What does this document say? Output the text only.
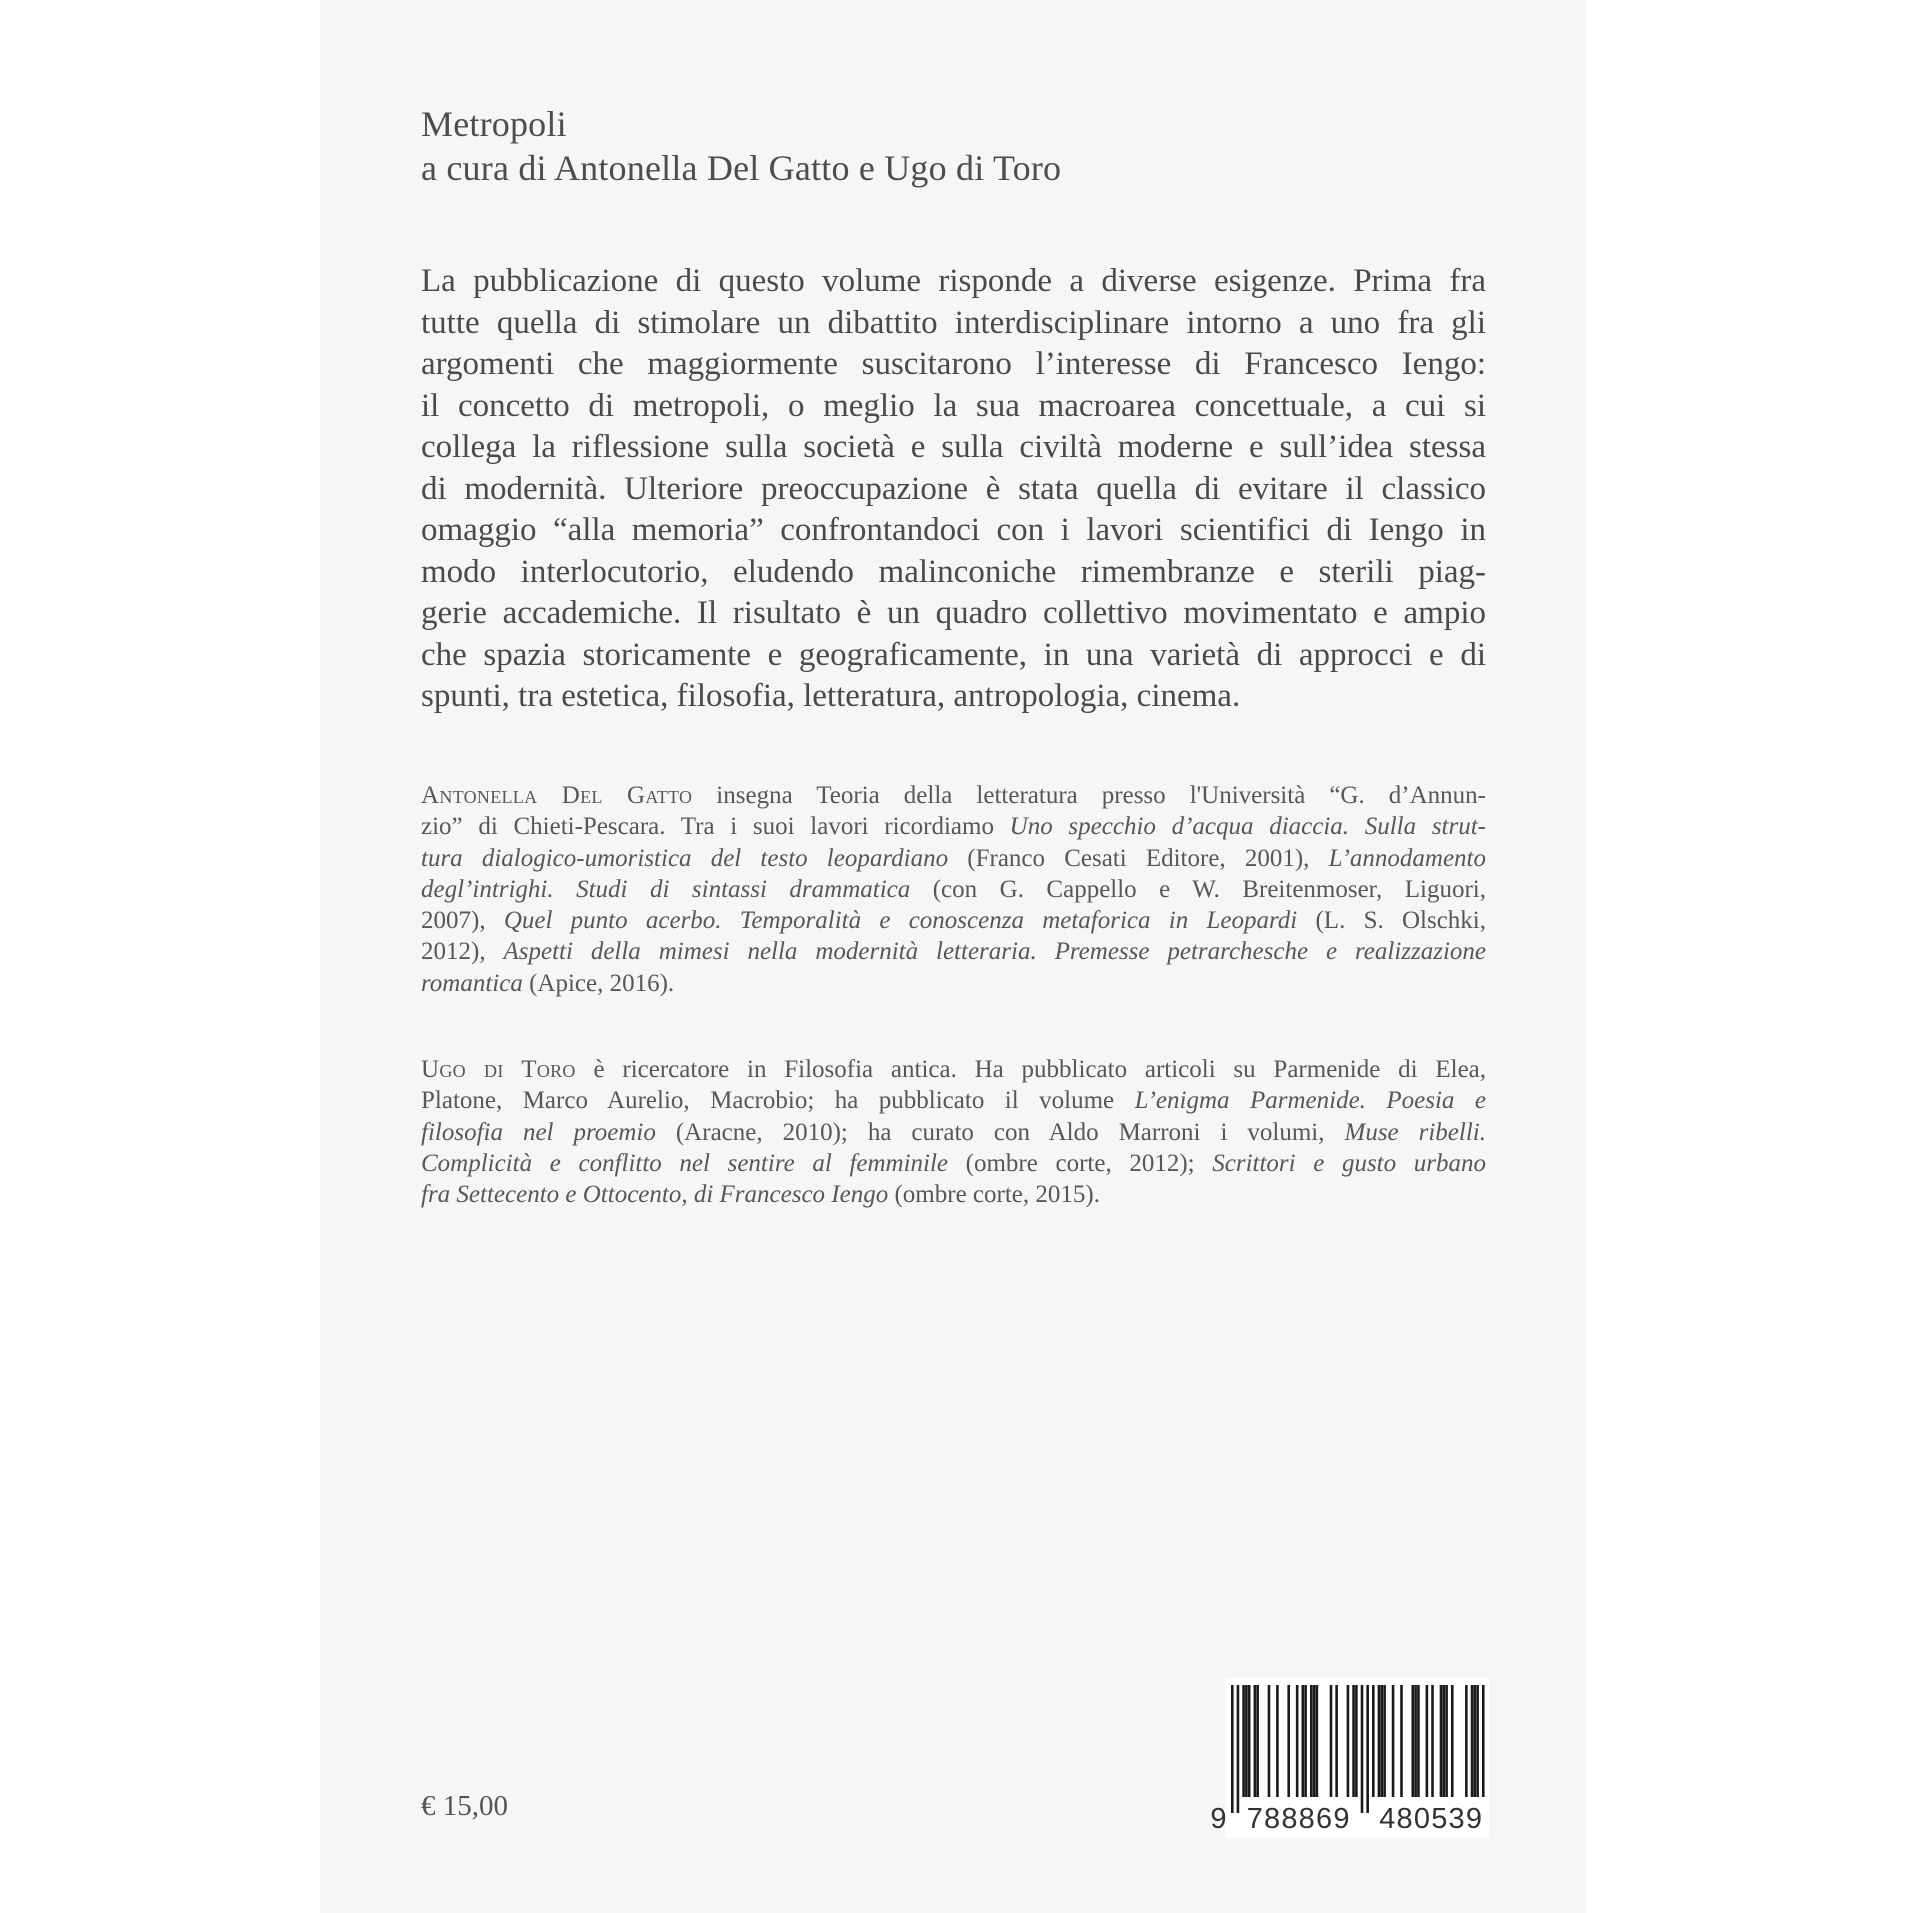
Metropoli
a cura di Antonella Del Gatto e Ugo di Toro
La pubblicazione di questo volume risponde a diverse esigenze. Prima fra
tutte quella di stimolare un dibattito interdisciplinare intorno a uno fra gli
argomenti che maggiormente suscitarono l’interesse di Francesco Iengo:
il concetto di metropoli, o meglio la sua macroarea concettuale, a cui si
collega la riflessione sulla società e sulla civiltà moderne e sull’idea stessa
di modernità. Ulteriore preoccupazione è stata quella di evitare il classico
omaggio “alla memoria” confrontandoci con i lavori scientifici di Iengo in
modo interlocutorio, eludendo malinconiche rimembranze e sterili piag-
gerie accademiche. Il risultato è un quadro collettivo movimentato e ampio
che spazia storicamente e geograficamente, in una varietà di approcci e di
spunti, tra estetica, filosofia, letteratura, antropologia, cinema.
Antonella Del Gatto insegna Teoria della letteratura presso l'Università “G. d’Annun-
zio” di Chieti-Pescara. Tra i suoi lavori ricordiamo Uno specchio d’acqua diaccia. Sulla strut-
tura dialogico-umoristica del testo leopardiano (Franco Cesati Editore, 2001), L’annodamento
degl’intrighi. Studi di sintassi drammatica (con G. Cappello e W. Breitenmoser, Liguori,
2007), Quel punto acerbo. Temporalità e conoscenza metaforica in Leopardi (L. S. Olschki,
2012), Aspetti della mimesi nella modernità letteraria. Premesse petrarchesche e realizzazione
romantica (Apice, 2016).
Ugo di Toro è ricercatore in Filosofia antica. Ha pubblicato articoli su Parmenide di Elea,
Platone, Marco Aurelio, Macrobio; ha pubblicato il volume L’enigma Parmenide. Poesia e
filosofia nel proemio (Aracne, 2010); ha curato con Aldo Marroni i volumi, Muse ribelli.
Complicità e conflitto nel sentire al femminile (ombre corte, 2012); Scrittori e gusto urbano
fra Settecento e Ottocento, di Francesco Iengo (ombre corte, 2015).
€ 15,00	9 788869 480539
